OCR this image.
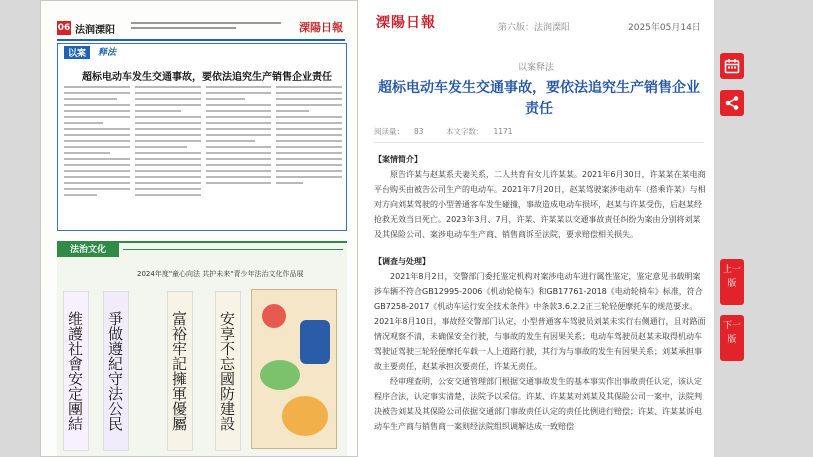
06 法润溧阳	溧陽日報
以案	释法
超标电动车发生交通事故，要依法追究生产销售企业责任
法治文化
2024年度"童心向法 共护未来"青少年法治文化作品展
维護社會安定團結	爭做遵紀守法公民	富裕牢記擁軍優屬	安享不忘國防建設
溧陽日報	第六版：法润溧阳	2025年05月14日
以案释法
超标电动车发生交通事故，要依法追究生产销售企业责任
阅读量： 83	本文字数： 1171
【案情简介】
原告许某与赵某系夫妻关系，二人共育有女儿许某某。2021年6月30日，许某某在某电商平台购买由被告公司生产的电动车。2021年7月20日，赵某驾驶案涉电动车（搭乘许某）与相对方向刘某驾驶的小型普通客车发生碰撞，事故造成电动车损坏，赵某与许某受伤，后赵某经抢救无效当日死亡。2023年3月、7月，许某、许某某以交通事故责任纠纷为案由分别将刘某及其保险公司、案涉电动车生产商、销售商诉至法院，要求赔偿相关损失。
【调查与处理】
2021年8月2日，交警部门委托鉴定机构对案涉电动车进行属性鉴定，鉴定意见书载明案涉车辆不符合GB12995-2006《机动轮椅车》和GB17761-2018《电动轮椅车》标准，符合GB7258-2017《机动车运行安全技术条件》中条款3.6.2.2正三轮轻便摩托车的规范要求。2021年8月10日，事故经交警部门认定，小型普通客车驾驶员刘某未实行右侧通行，且对路面情况观察不清，未确保安全行驶，与事故的发生有因果关系；电动车驾驶员赵某未取得机动车驾驶证驾驶三轮轻便摩托车载一人上道路行驶，其行为与事故的发生有因果关系；刘某承担事故主要责任，赵某承担次要责任，许某无责任。
经审理查明，公安交通管理部门根据交通事故发生的基本事实作出事故责任认定，该认定程序合法，认定事实清楚，法院予以采信。许某、许某某对刘某及其保险公司一案中，法院判决被告刘某及其保险公司依据交通部门事故责任认定的责任比例进行赔偿；许某、许某某诉电动车生产商与销售商一案则经法院组织调解达成一致赔偿
上一版
下一版
